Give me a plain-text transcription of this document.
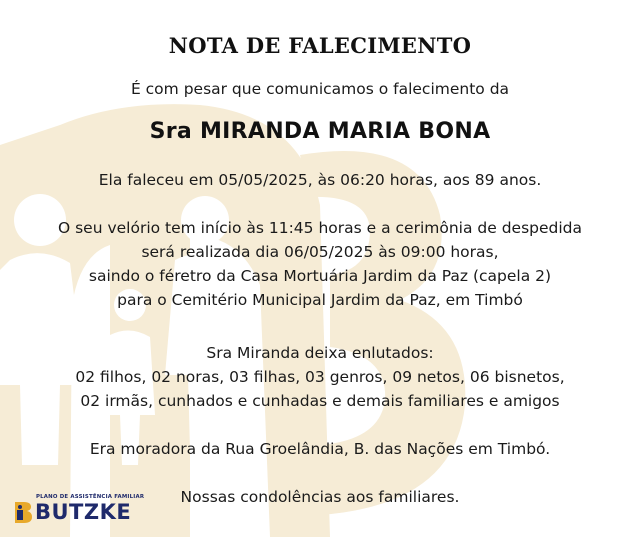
NOTA DE FALECIMENTO
É com pesar que comunicamos o falecimento da
Sra MIRANDA MARIA BONA
Ela faleceu em 05/05/2025, às 06:20 horas, aos 89 anos.
O seu velório tem início às 11:45 horas e a cerimônia de despedida
será realizada dia 06/05/2025 às 09:00 horas,
saindo o féretro da Casa Mortuária Jardim da Paz (capela 2)
para o Cemitério Municipal Jardim da Paz, em Timbó
Sra Miranda deixa enlutados:
02 filhos, 02 noras, 03 filhas, 03 genros, 09 netos, 06 bisnetos,
02 irmãs, cunhados e cunhadas e demais familiares e amigos
Era moradora da Rua Groelândia, B. das Nações em Timbó.
Nossas condolências aos familiares.
PLANO DE ASSISTÊNCIA FAMILIAR
BUTZKE
